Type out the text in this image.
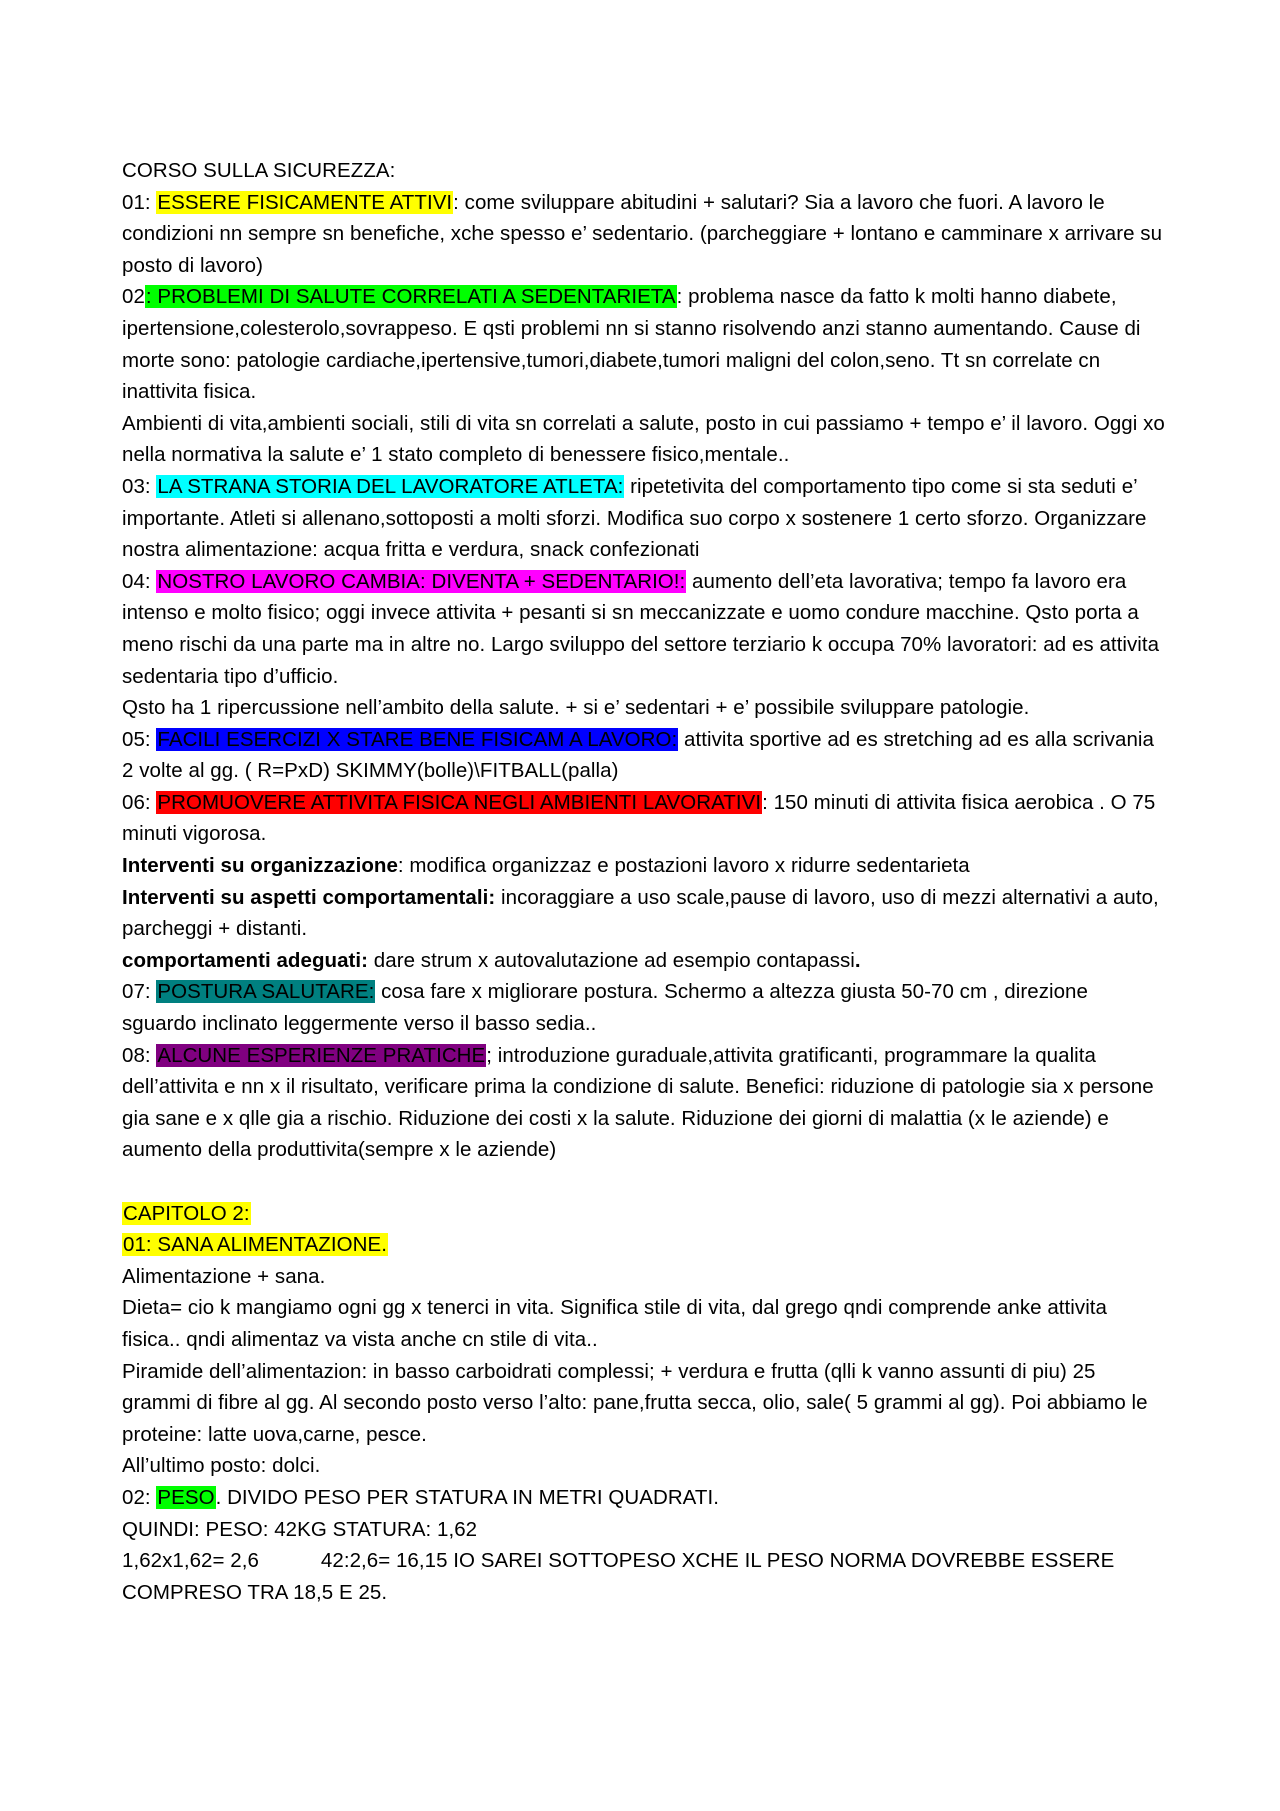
CORSO SULLA SICUREZZA:
01: ESSERE FISICAMENTE ATTIVI: come sviluppare abitudini + salutari? Sia a lavoro che fuori. A lavoro le condizioni nn sempre sn benefiche, xche spesso e’ sedentario. (parcheggiare + lontano e camminare x arrivare su posto di lavoro)
02: PROBLEMI DI SALUTE CORRELATI A SEDENTARIETA: problema nasce da fatto k molti hanno diabete, ipertensione,colesterolo,sovrappeso. E qsti problemi nn si stanno risolvendo anzi stanno aumentando. Cause di morte sono: patologie cardiache,ipertensive,tumori,diabete,tumori maligni del colon,seno. Tt sn correlate cn inattivita fisica.
Ambienti di vita,ambienti sociali, stili di vita sn correlati a salute, posto in cui passiamo + tempo e’ il lavoro. Oggi xo nella normativa la salute e’ 1 stato completo di benessere fisico,mentale..
03: LA STRANA STORIA DEL LAVORATORE ATLETA: ripetetivita del comportamento tipo come si sta seduti e’ importante. Atleti si allenano,sottoposti a molti sforzi. Modifica suo corpo x sostenere 1 certo sforzo. Organizzare nostra alimentazione: acqua fritta e verdura, snack confezionati
04: NOSTRO LAVORO CAMBIA: DIVENTA + SEDENTARIO!: aumento dell’eta lavorativa; tempo fa lavoro era intenso e molto fisico; oggi invece attivita + pesanti si sn meccanizzate e uomo condure macchine. Qsto porta a meno rischi da una parte ma in altre no. Largo sviluppo del settore terziario k occupa 70% lavoratori: ad es attivita sedentaria tipo d’ufficio.
Qsto ha 1 ripercussione nell’ambito della salute. + si e’ sedentari + e’ possibile sviluppare patologie.
05: FACILI ESERCIZI X STARE BENE FISICAM A LAVORO: attivita sportive ad es stretching ad es alla scrivania 2 volte al gg. ( R=PxD) SKIMMY(bolle)\FITBALL(palla)
06: PROMUOVERE ATTIVITA FISICA NEGLI AMBIENTI LAVORATIVI: 150 minuti di attivita fisica aerobica . O 75 minuti vigorosa.
Interventi su organizzazione: modifica organizzaz e postazioni lavoro x ridurre sedentarieta
Interventi su aspetti comportamentali: incoraggiare a uso scale,pause di lavoro, uso di mezzi alternativi a auto, parcheggi + distanti.
comportamenti adeguati: dare strum x autovalutazione ad esempio contapassi.
07: POSTURA SALUTARE: cosa fare x migliorare postura. Schermo a altezza giusta 50-70 cm , direzione sguardo inclinato leggermente verso il basso sedia..
08: ALCUNE ESPERIENZE PRATICHE; introduzione guraduale,attivita gratificanti, programmare la qualita dell’attivita e nn x il risultato, verificare prima la condizione di salute. Benefici: riduzione di patologie sia x persone gia sane e x qlle gia a rischio. Riduzione dei costi x la salute. Riduzione dei giorni di malattia (x le aziende) e aumento della produttivita(sempre x le aziende)
CAPITOLO 2:
01: SANA ALIMENTAZIONE.
Alimentazione + sana.
Dieta= cio k mangiamo ogni gg x tenerci in vita. Significa stile di vita, dal grego qndi comprende anke attivita fisica.. qndi alimentaz va vista anche cn stile di vita..
Piramide dell’alimentazion: in basso carboidrati complessi; + verdura e frutta (qlli k vanno assunti di piu) 25 grammi di fibre al gg. Al secondo posto verso l’alto: pane,frutta secca, olio, sale( 5 grammi al gg). Poi abbiamo le proteine: latte uova,carne, pesce.
All’ultimo posto: dolci.
02: PESO. DIVIDO PESO PER STATURA IN METRI QUADRATI.
QUINDI: PESO: 42KG STATURA: 1,62
1,62x1,62= 2,6	42:2,6= 16,15 IO SAREI SOTTOPESO XCHE IL PESO NORMA DOVREBBE ESSERE COMPRESO TRA 18,5 E 25.
